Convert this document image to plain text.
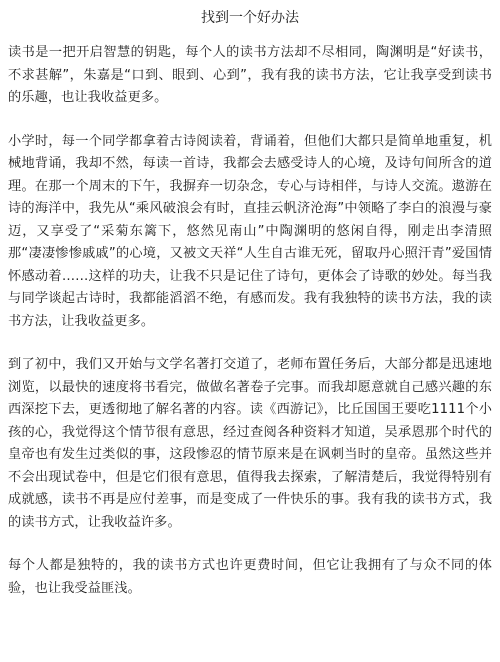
找到一个好办法

读书是一把开启智慧的钥匙，每个人的读书方法却不尽相同，陶渊明是“好读书，不求甚解”，朱嘉是“口到、眼到、心到”，我有我的读书方法，它让我享受到读书的乐趣，也让我收益更多。

小学时，每一个同学都拿着古诗阅读着，背诵着，但他们大都只是简单地重复，机械地背诵，我却不然，每读一首诗，我都会去感受诗人的心境，及诗句间所含的道理。在那一个周末的下午，我摒弃一切杂念，专心与诗相伴，与诗人交流。遨游在诗的海洋中，我先从“乘风破浪会有时，直挂云帆济沧海”中领略了李白的浪漫与豪迈，又享受了“采菊东篱下，悠然见南山”中陶渊明的悠闲自得，刚走出李清照那“凄凄惨惨戚戚”的心境，又被文天祥“人生自古谁无死，留取丹心照汗青”爱国情怀感动着……这样的功夫，让我不只是记住了诗句，更体会了诗歌的妙处。每当我与同学谈起古诗时，我都能滔滔不绝，有感而发。我有我独特的读书方法，我的读书方法，让我收益更多。

到了初中，我们又开始与文学名著打交道了，老师布置任务后，大部分都是迅速地浏览，以最快的速度将书看完，做做名著卷子完事。而我却愿意就自己感兴趣的东西深挖下去，更透彻地了解名著的内容。读《西游记》，比丘国国王要吃1111个小孩的心，我觉得这个情节很有意思，经过查阅各种资料才知道，吴承恩那个时代的皇帝也有发生过类似的事，这段惨忍的情节原来是在讽刺当时的皇帝。虽然这些并不会出现试卷中，但是它们很有意思，值得我去探索，了解清楚后，我觉得特别有成就感，读书不再是应付差事，而是变成了一件快乐的事。我有我的读书方式，我的读书方式，让我收益许多。

每个人都是独特的，我的读书方式也许更费时间，但它让我拥有了与众不同的体验，也让我受益匪浅。
